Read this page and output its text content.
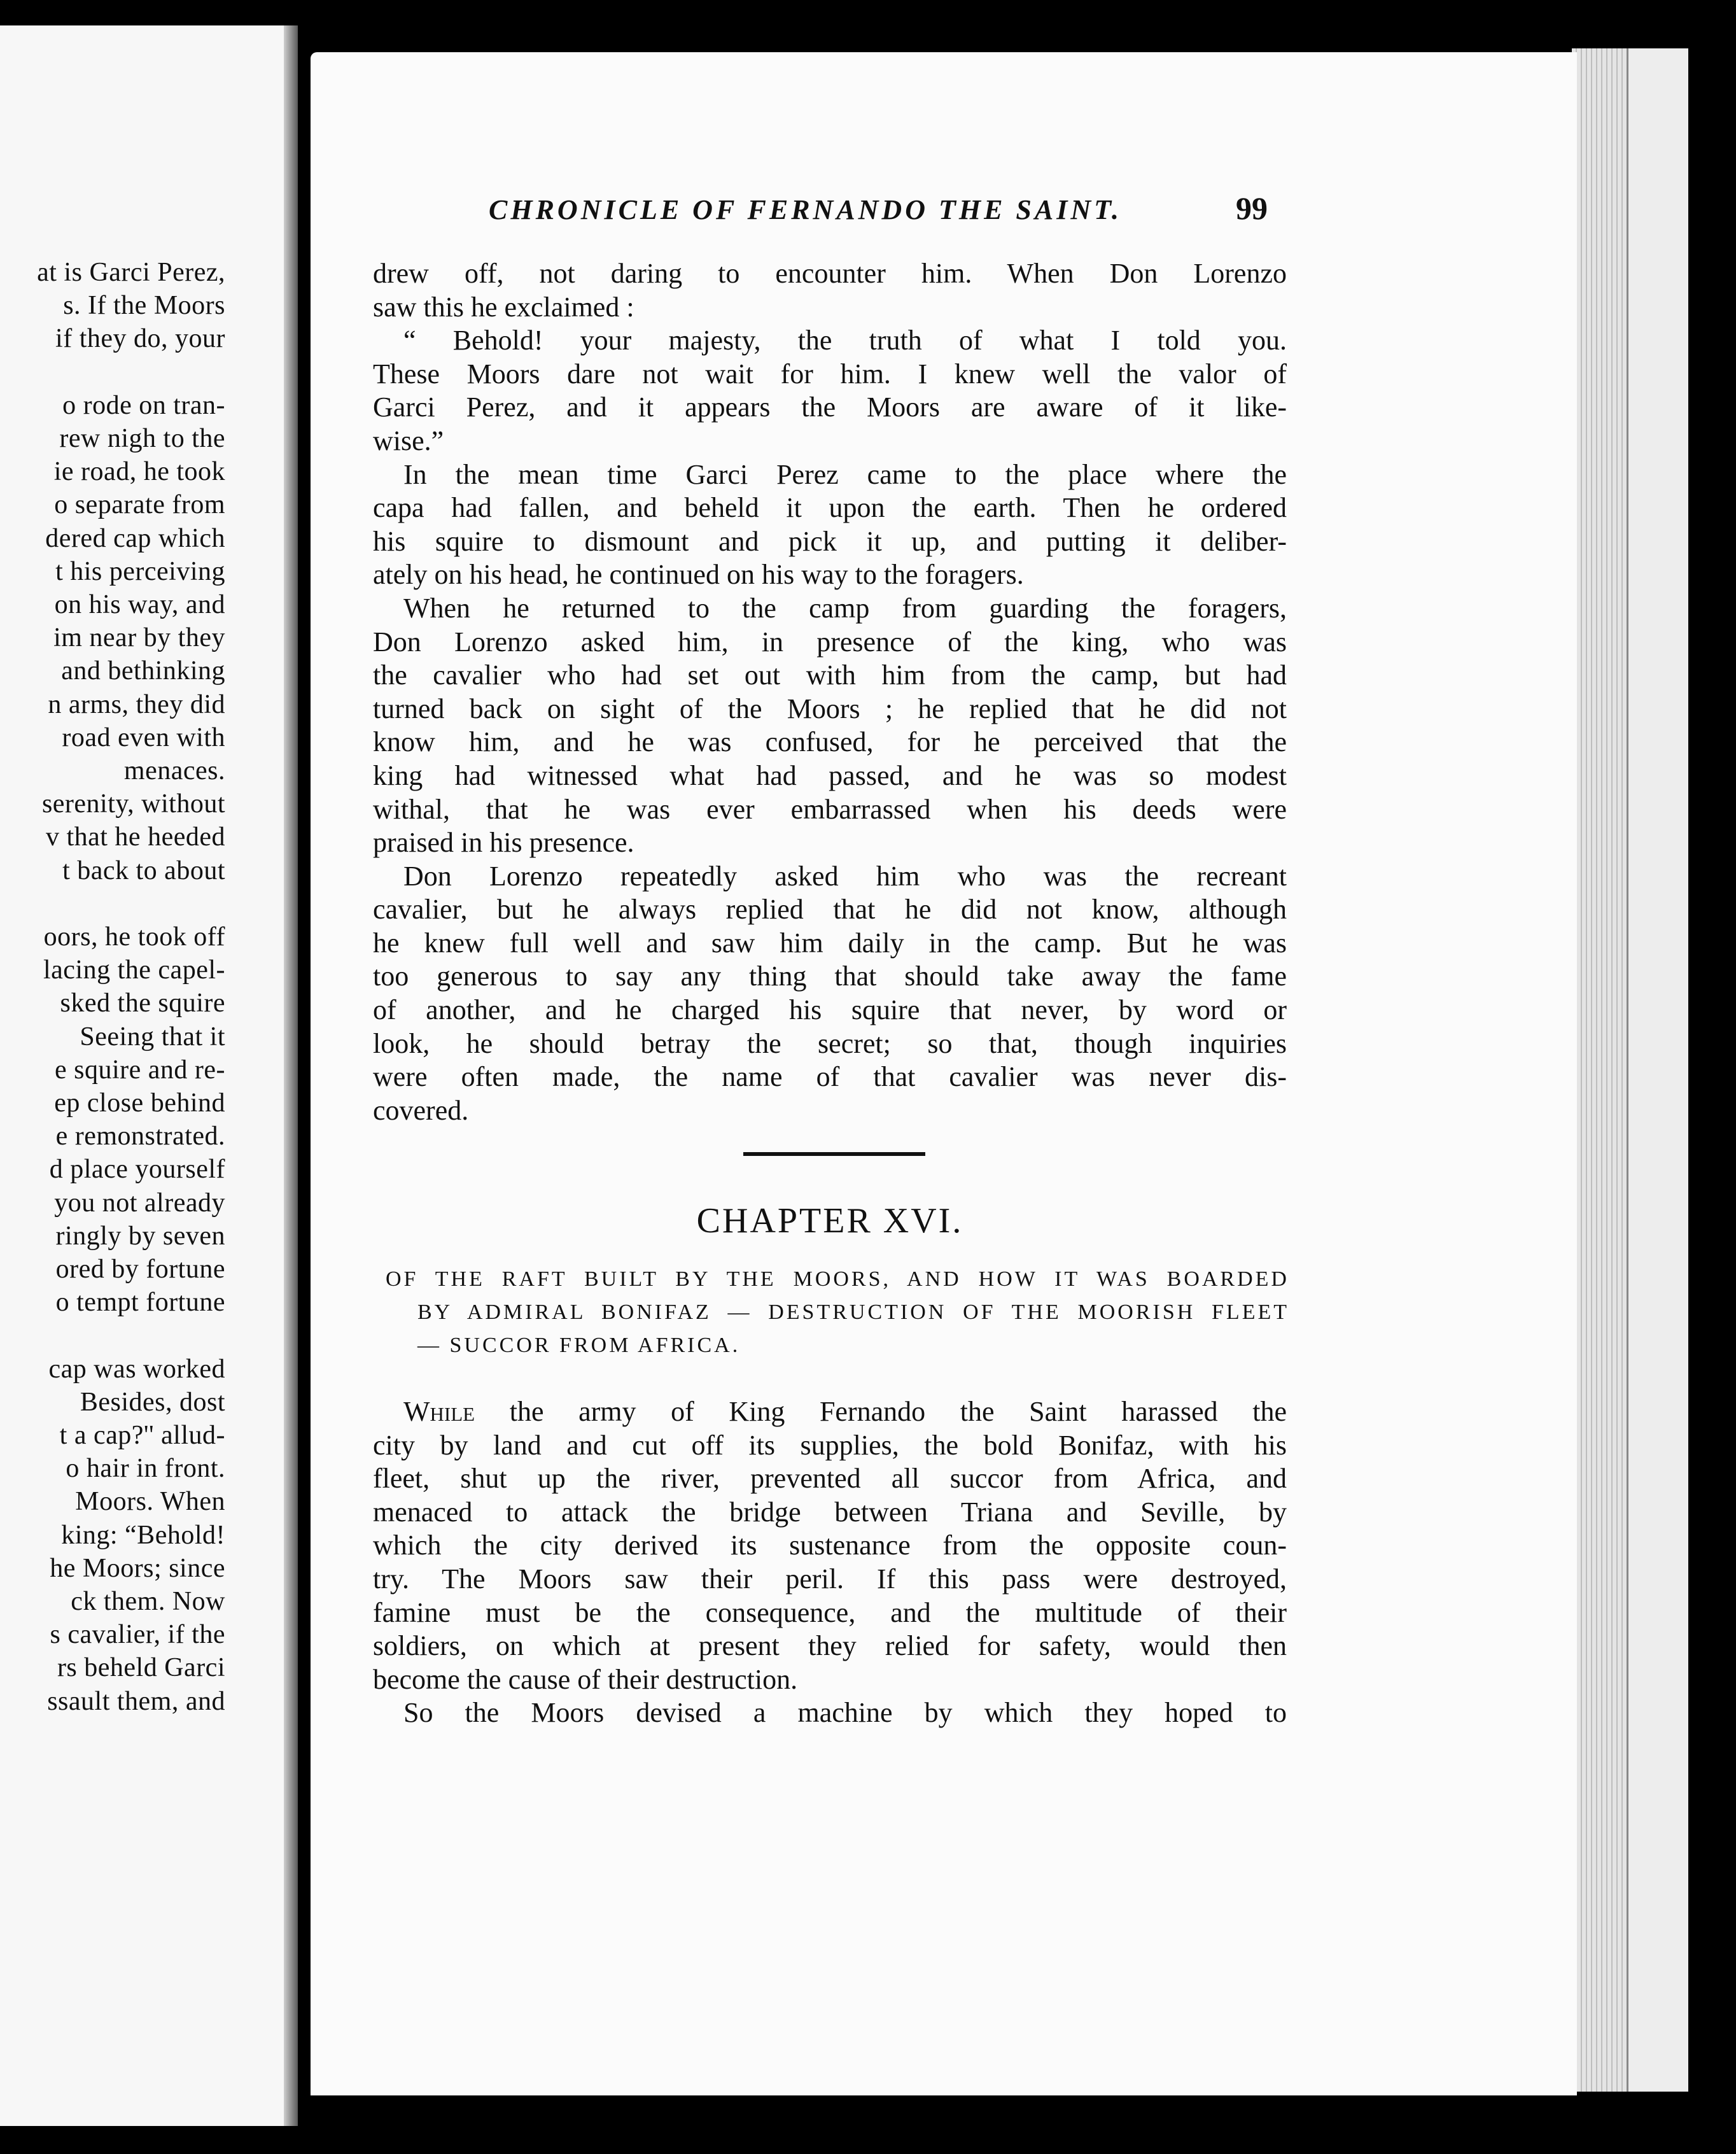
at is Garci Perez,
s. If the Moors
if they do, your
o rode on tran-
rew nigh to the
ie road, he took
o separate from
dered cap which
t his perceiving
on his way, and
im near by they
and bethinking
n arms, they did
road even with
menaces.
serenity, without
v that he heeded
t back to about
oors, he took off
lacing the capel-
sked the squire
Seeing that it
e squire and re-
ep close behind
e remonstrated.
d place yourself
you not already
ringly by seven
ored by fortune
o tempt fortune
cap was worked
Besides, dost
t a cap?'' allud-
o hair in front.
Moors. When
king: “Behold!
he Moors; since
ck them. Now
s cavalier, if the
rs beheld Garci
ssault them, and
CHRONICLE OF FERNANDO THE SAINT.	99
drew off, not daring to encounter him. When Don Lorenzo
saw this he exclaimed :
“ Behold! your majesty, the truth of what I told you.
These Moors dare not wait for him. I knew well the valor of
Garci Perez, and it appears the Moors are aware of it like-
wise.”
In the mean time Garci Perez came to the place where the
capa had fallen, and beheld it upon the earth. Then he ordered
his squire to dismount and pick it up, and putting it deliber-
ately on his head, he continued on his way to the foragers.
When he returned to the camp from guarding the foragers,
Don Lorenzo asked him, in presence of the king, who was
the cavalier who had set out with him from the camp, but had
turned back on sight of the Moors ; he replied that he did not
know him, and he was confused, for he perceived that the
king had witnessed what had passed, and he was so modest
withal, that he was ever embarrassed when his deeds were
praised in his presence.
Don Lorenzo repeatedly asked him who was the recreant
cavalier, but he always replied that he did not know, although
he knew full well and saw him daily in the camp. But he was
too generous to say any thing that should take away the fame
of another, and he charged his squire that never, by word or
look, he should betray the secret; so that, though inquiries
were often made, the name of that cavalier was never dis-
covered.
CHAPTER XVI.
OF THE RAFT BUILT BY THE MOORS, AND HOW IT WAS BOARDED
BY ADMIRAL BONIFAZ — DESTRUCTION OF THE MOORISH FLEET
— SUCCOR FROM AFRICA.
While the army of King Fernando the Saint harassed the
city by land and cut off its supplies, the bold Bonifaz, with his
fleet, shut up the river, prevented all succor from Africa, and
menaced to attack the bridge between Triana and Seville, by
which the city derived its sustenance from the opposite coun-
try. The Moors saw their peril. If this pass were destroyed,
famine must be the consequence, and the multitude of their
soldiers, on which at present they relied for safety, would then
become the cause of their destruction.
So the Moors devised a machine by which they hoped to
